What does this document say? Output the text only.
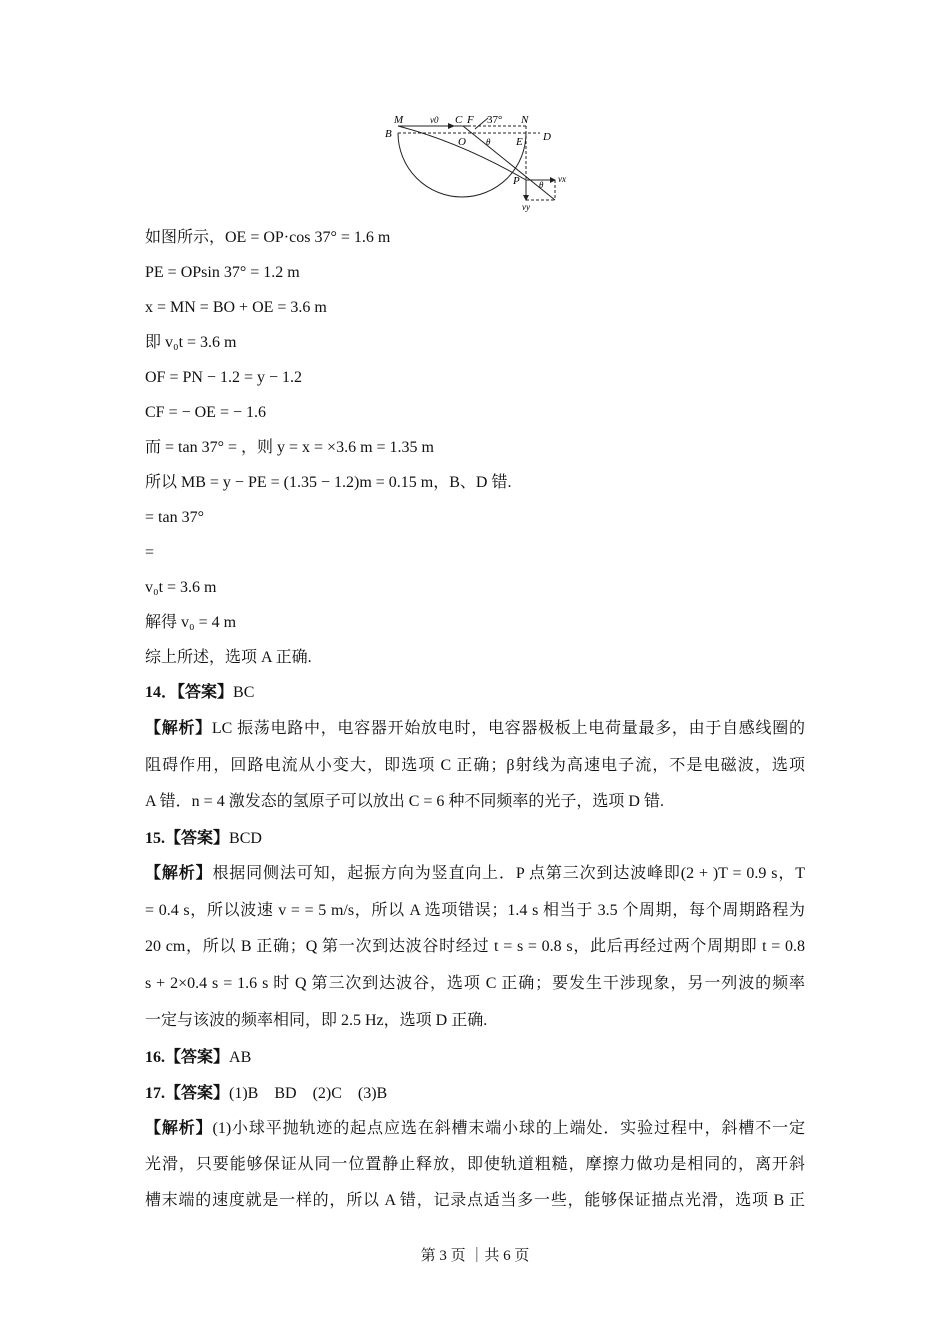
M	v0 C F 37° N
B
O θ E D
P θ
vx
vy
如图所示，OE = OP·cos 37° = 1.6 m
PE = OPsin 37° = 1.2 m
x = MN = BO + OE = 3.6 m
即 v₀t = 3.6 m
OF = PN − 1.2 = y − 1.2
CF = − OE = − 1.6
而 = tan 37° = ，则 y = x = ×3.6 m = 1.35 m
所以 MB = y − PE = (1.35 − 1.2)m = 0.15 m，B、D 错.
= tan 37°
=
v₀t = 3.6 m
解得 v₀ = 4 m
综上所述，选项 A 正确.
14．【答案】BC
【解析】LC 振荡电路中，电容器开始放电时，电容器极板上电荷量最多，由于自感线圈的
阻碍作用，回路电流从小变大，即选项 C 正确；β射线为高速电子流，不是电磁波，选项
A 错．n = 4 激发态的氢原子可以放出 C = 6 种不同频率的光子，选项 D 错.
15.【答案】BCD
【解析】根据同侧法可知，起振方向为竖直向上．P 点第三次到达波峰即(2 + )T = 0.9 s，T
= 0.4 s，所以波速 v = = 5 m/s，所以 A 选项错误；1.4 s 相当于 3.5 个周期，每个周期路程为
20 cm，所以 B 正确；Q 第一次到达波谷时经过 t = s = 0.8 s，此后再经过两个周期即 t = 0.8
s + 2×0.4 s = 1.6 s 时 Q 第三次到达波谷，选项 C 正确；要发生干涉现象，另一列波的频率
一定与该波的频率相同，即 2.5 Hz，选项 D 正确.
16.【答案】AB
17.【答案】(1)B　BD　(2)C　(3)B
【解析】(1)小球平抛轨迹的起点应选在斜槽末端小球的上端处．实验过程中，斜槽不一定
光滑，只要能够保证从同一位置静止释放，即使轨道粗糙，摩擦力做功是相同的，离开斜
槽末端的速度就是一样的，所以 A 错，记录点适当多一些，能够保证描点光滑，选项 B 正
第 3 页 ｜共 6 页
